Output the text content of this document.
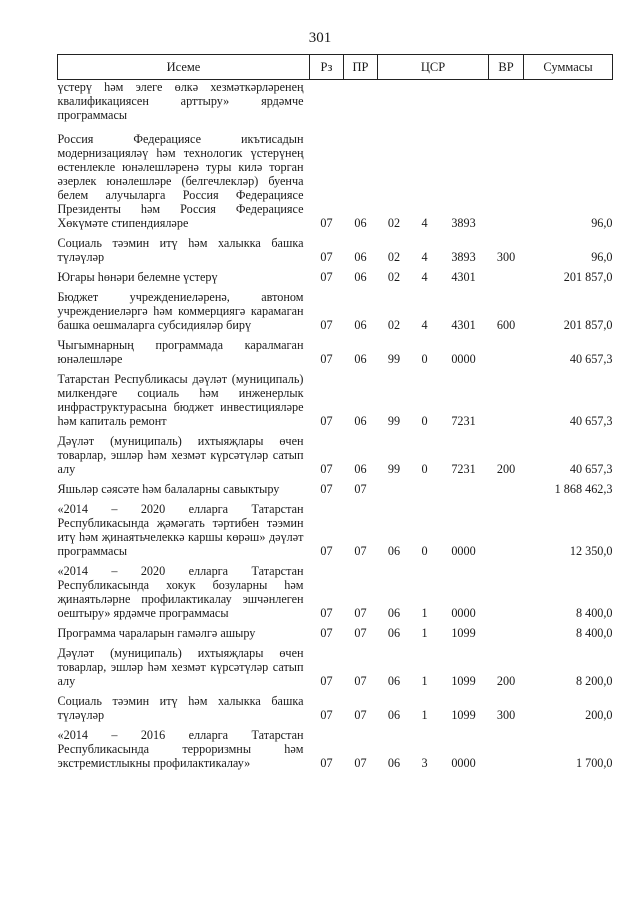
301
Исеме	Рз	ПР	ЦСР			ВР	Суммасы
үстерү һәм элеге өлкә хезмәткәрләренең квалификациясен арттыру» ярдәмче программасы							
Россия Федерациясе икътисадын модернизацияләү һәм технологик үстерүнең өстенлекле юнәлешләренә туры килә торган әзерлек юнәлешләре (белгечлекләр) буенча белем алучыларга Россия Федерациясе Президенты һәм Россия Федерациясе Хөкүмәте стипендияләре	07	06	02	4	3893		96,0
Социаль тәэмин итү һәм халыкка башка түләүләр	07	06	02	4	3893	300	96,0
Югары һөнәри белемне үстерү	07	06	02	4	4301		201 857,0
Бюджет учреждениеләренә, автоном учреждениеләргә һәм коммерциягә карамаган башка оешмаларга субсидияләр бирү	07	06	02	4	4301	600	201 857,0
Чыгымнарның программада каралмаган юнәлешләре	07	06	99	0	0000		40 657,3
Татарстан Республикасы дәүләт (муниципаль) милкендәге социаль һәм инженерлык инфраструктурасына бюджет инвестицияләре һәм капиталь ремонт	07	06	99	0	7231		40 657,3
Дәүләт (муниципаль) ихтыяҗлары өчен товарлар, эшләр һәм хезмәт күрсәтүләр сатып алу	07	06	99	0	7231	200	40 657,3
Яшьләр сәясәте һәм балаларны савыктыру	07	07					1 868 462,3
«2014 – 2020 елларга Татарстан Республикасында җәмәгать тәртибен тәэмин итү һәм җинаятьчелеккә каршы көрәш» дәүләт программасы	07	07	06	0	0000		12 350,0
«2014 – 2020 елларга Татарстан Республикасында хокук бозуларны һәм җинаятьләрне профилактикалау эшчәнлеген оештыру» ярдәмче программасы	07	07	06	1	0000		8 400,0
Программа чараларын гамәлгә ашыру	07	07	06	1	1099		8 400,0
Дәүләт (муниципаль) ихтыяҗлары өчен товарлар, эшләр һәм хезмәт күрсәтүләр сатып алу	07	07	06	1	1099	200	8 200,0
Социаль тәэмин итү һәм халыкка башка түләүләр	07	07	06	1	1099	300	200,0
«2014 – 2016 елларга Татарстан Республикасында терроризмны һәм экстремистлыкны профилактикалау»	07	07	06	3	0000		1 700,0
